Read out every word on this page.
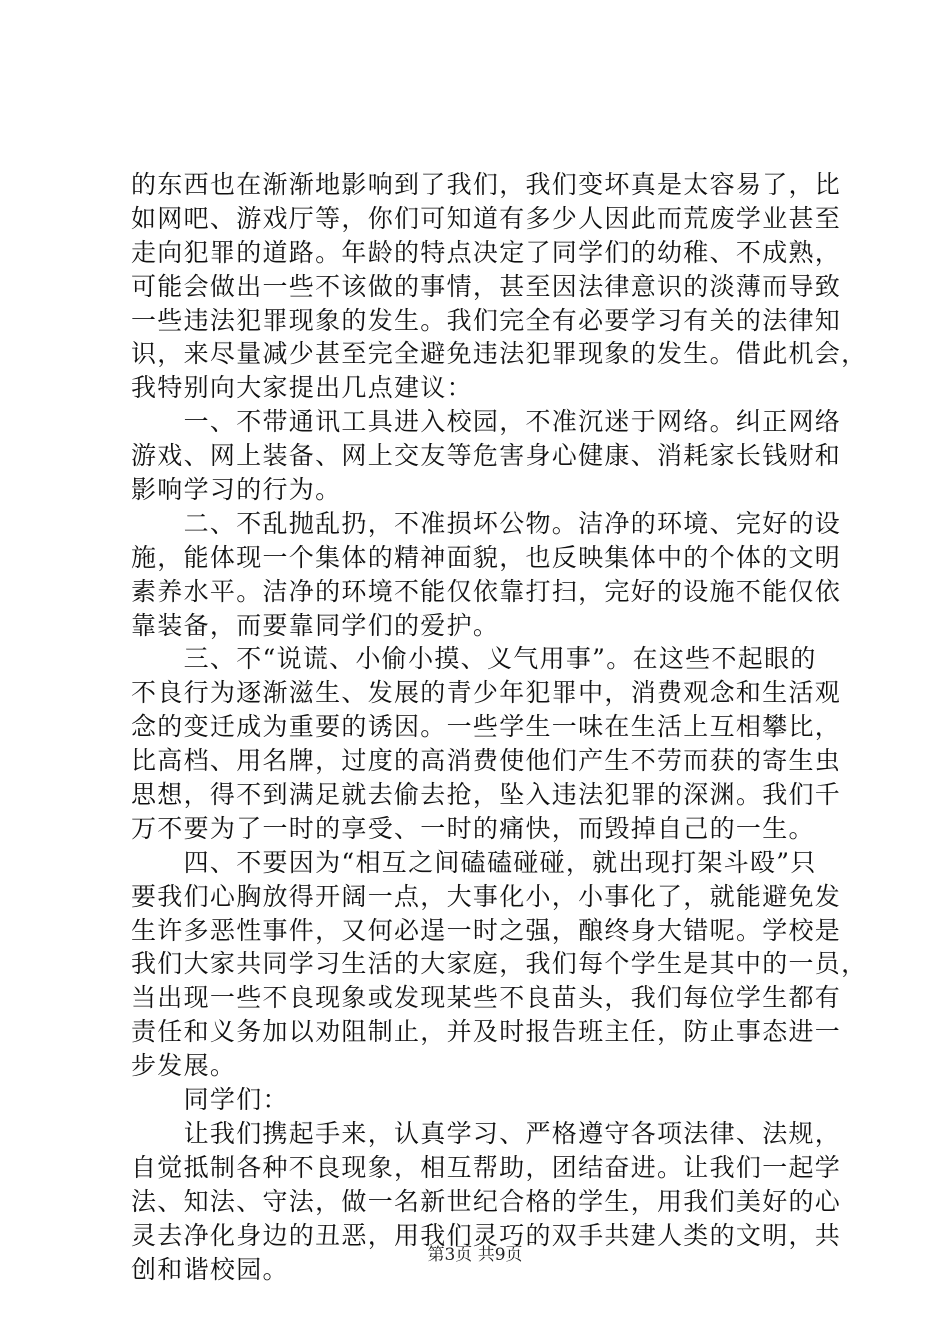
的东西也在渐渐地影响到了我们，我们变坏真是太容易了，比
如网吧、游戏厅等，你们可知道有多少人因此而荒废学业甚至
走向犯罪的道路。年龄的特点决定了同学们的幼稚、不成熟，
可能会做出一些不该做的事情，甚至因法律意识的淡薄而导致
一些违法犯罪现象的发生。我们完全有必要学习有关的法律知
识，来尽量减少甚至完全避免违法犯罪现象的发生。借此机会，
我特别向大家提出几点建议：
　　一、不带通讯工具进入校园，不准沉迷于网络。纠正网络
游戏、网上装备、网上交友等危害身心健康、消耗家长钱财和
影响学习的行为。
　　二、不乱抛乱扔，不准损坏公物。洁净的环境、完好的设
施，能体现一个集体的精神面貌，也反映集体中的个体的文明
素养水平。洁净的环境不能仅依靠打扫，完好的设施不能仅依
靠装备，而要靠同学们的爱护。
　　三、不“说谎、小偷小摸、义气用事”。在这些不起眼的
不良行为逐渐滋生、发展的青少年犯罪中，消费观念和生活观
念的变迁成为重要的诱因。一些学生一味在生活上互相攀比，
比高档、用名牌，过度的高消费使他们产生不劳而获的寄生虫
思想，得不到满足就去偷去抢，坠入违法犯罪的深渊。我们千
万不要为了一时的享受、一时的痛快，而毁掉自己的一生。
　　四、不要因为“相互之间磕磕碰碰，就出现打架斗殴”只
要我们心胸放得开阔一点，大事化小，小事化了，就能避免发
生许多恶性事件，又何必逞一时之强，酿终身大错呢。学校是
我们大家共同学习生活的大家庭，我们每个学生是其中的一员，
当出现一些不良现象或发现某些不良苗头，我们每位学生都有
责任和义务加以劝阻制止，并及时报告班主任，防止事态进一
步发展。
　　同学们：
　　让我们携起手来，认真学习、严格遵守各项法律、法规，
自觉抵制各种不良现象，相互帮助，团结奋进。让我们一起学
法、知法、守法，做一名新世纪合格的学生，用我们美好的心
灵去净化身边的丑恶，用我们灵巧的双手共建人类的文明，共
创和谐校园。	第3页 共9页
